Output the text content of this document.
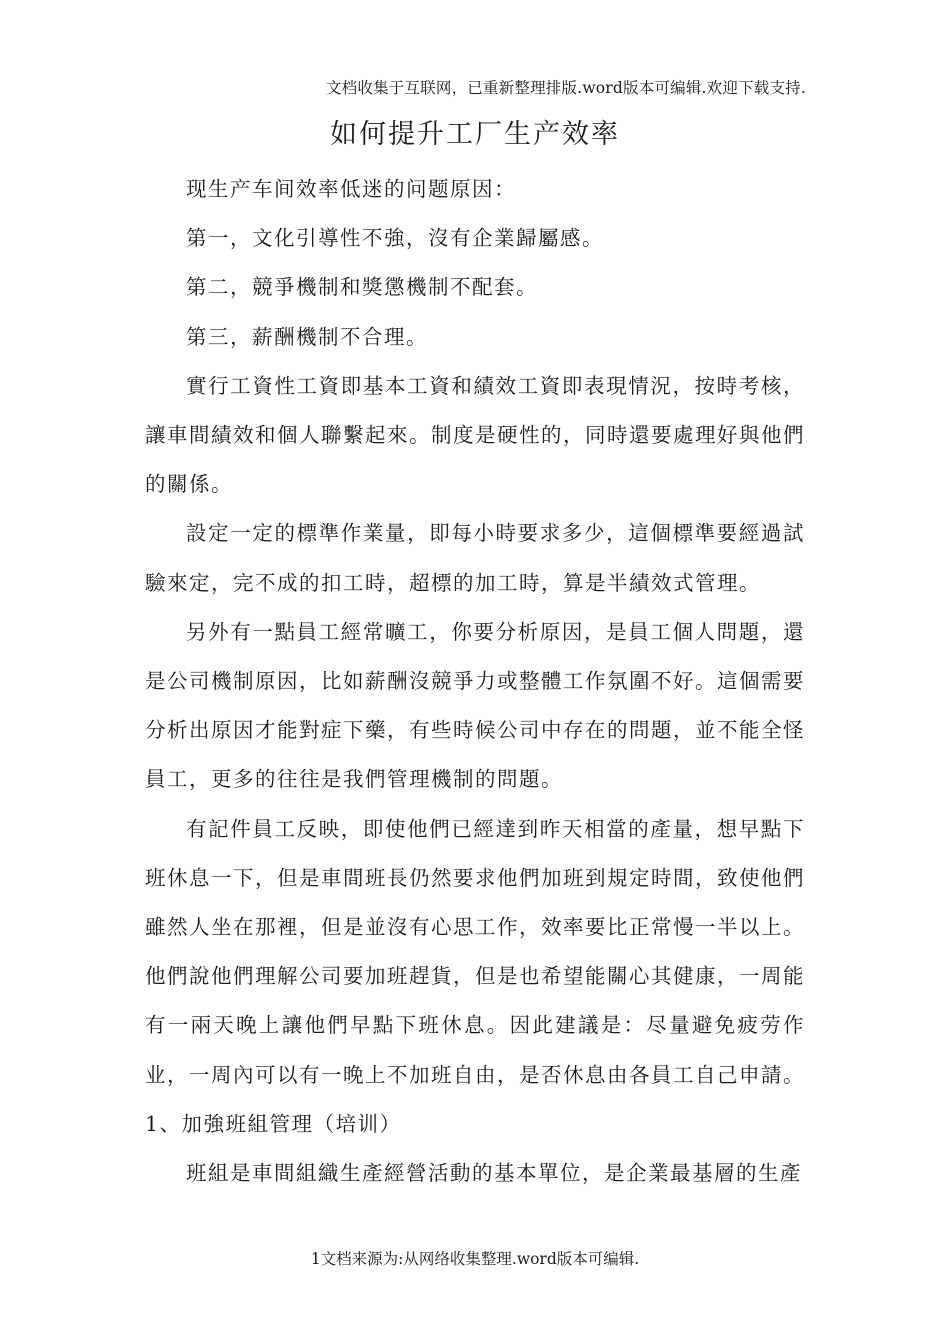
文档收集于互联网，已重新整理排版.word版本可编辑.欢迎下载支持.
如何提升工厂生产效率

现生产车间效率低迷的问题原因：

第一，文化引導性不強，沒有企業歸屬感。

第二，競爭機制和獎懲機制不配套。

第三，薪酬機制不合理。

實行工資性工資即基本工資和績效工資即表現情況，按時考核，讓車間績效和個人聯繫起來。制度是硬性的，同時還要處理好與他們的關係。

設定一定的標準作業量，即每小時要求多少，這個標準要經過試驗來定，完不成的扣工時，超標的加工時，算是半績效式管理。

另外有一點員工經常曠工，你要分析原因，是員工個人問題，還是公司機制原因，比如薪酬沒競爭力或整體工作氛圍不好。這個需要分析出原因才能對症下藥，有些時候公司中存在的問題，並不能全怪員工，更多的往往是我們管理機制的問題。

有記件員工反映，即使他們已經達到昨天相當的產量，想早點下班休息一下，但是車間班長仍然要求他們加班到規定時間，致使他們雖然人坐在那裡，但是並沒有心思工作，效率要比正常慢一半以上。他們說他們理解公司要加班趕貨，但是也希望能關心其健康，一周能有一兩天晚上讓他們早點下班休息。因此建議是：尽量避免疲劳作业，一周內可以有一晚上不加班自由，是否休息由各員工自己申請。

1、加強班組管理（培训）

班組是車間組織生產經營活動的基本單位，是企業最基層的生產

1文档来源为:从网络收集整理.word版本可编辑.
